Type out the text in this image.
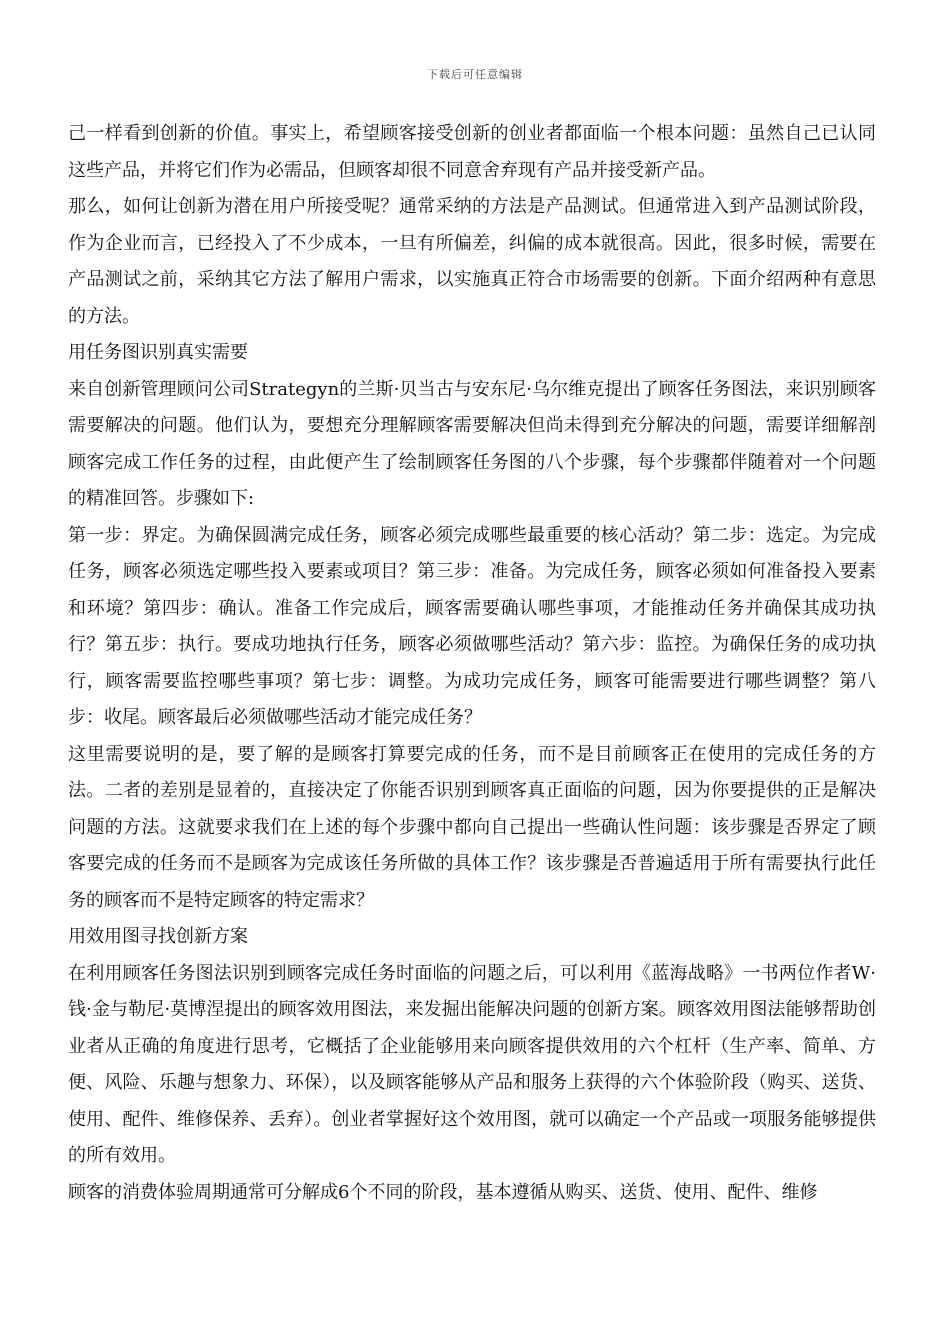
下载后可任意编辑

己一样看到创新的价值。事实上，希望顾客接受创新的创业者都面临一个根本问题：虽然自己已认同这些产品，并将它们作为必需品，但顾客却很不同意舍弃现有产品并接受新产品。

那么，如何让创新为潜在用户所接受呢？通常采纳的方法是产品测试。但通常进入到产品测试阶段，作为企业而言，已经投入了不少成本，一旦有所偏差，纠偏的成本就很高。因此，很多时候，需要在产品测试之前，采纳其它方法了解用户需求，以实施真正符合市场需要的创新。下面介绍两种有意思的方法。

用任务图识别真实需要

来自创新管理顾问公司Strategyn的兰斯·贝当古与安东尼·乌尔维克提出了顾客任务图法，来识别顾客需要解决的问题。他们认为，要想充分理解顾客需要解决但尚未得到充分解决的问题，需要详细解剖顾客完成工作任务的过程，由此便产生了绘制顾客任务图的八个步骤，每个步骤都伴随着对一个问题的精准回答。步骤如下:

第一步：界定。为确保圆满完成任务，顾客必须完成哪些最重要的核心活动？第二步：选定。为完成任务，顾客必须选定哪些投入要素或项目？第三步：准备。为完成任务，顾客必须如何准备投入要素和环境？第四步：确认。准备工作完成后，顾客需要确认哪些事项，才能推动任务并确保其成功执行？第五步：执行。要成功地执行任务，顾客必须做哪些活动？第六步：监控。为确保任务的成功执行，顾客需要监控哪些事项？第七步：调整。为成功完成任务，顾客可能需要进行哪些调整？第八步：收尾。顾客最后必须做哪些活动才能完成任务？

这里需要说明的是，要了解的是顾客打算要完成的任务，而不是目前顾客正在使用的完成任务的方法。二者的差别是显着的，直接决定了你能否识别到顾客真正面临的问题，因为你要提供的正是解决问题的方法。这就要求我们在上述的每个步骤中都向自己提出一些确认性问题：该步骤是否界定了顾客要完成的任务而不是顾客为完成该任务所做的具体工作？该步骤是否普遍适用于所有需要执行此任务的顾客而不是特定顾客的特定需求？

用效用图寻找创新方案

在利用顾客任务图法识别到顾客完成任务时面临的问题之后，可以利用《蓝海战略》一书两位作者W·钱·金与勒尼·莫博涅提出的顾客效用图法，来发掘出能解决问题的创新方案。顾客效用图法能够帮助创业者从正确的角度进行思考，它概括了企业能够用来向顾客提供效用的六个杠杆（生产率、简单、方便、风险、乐趣与想象力、环保），以及顾客能够从产品和服务上获得的六个体验阶段（购买、送货、使用、配件、维修保养、丢弃）。创业者掌握好这个效用图，就可以确定一个产品或一项服务能够提供的所有效用。

顾客的消费体验周期通常可分解成6个不同的阶段，基本遵循从购买、送货、使用、配件、维修
